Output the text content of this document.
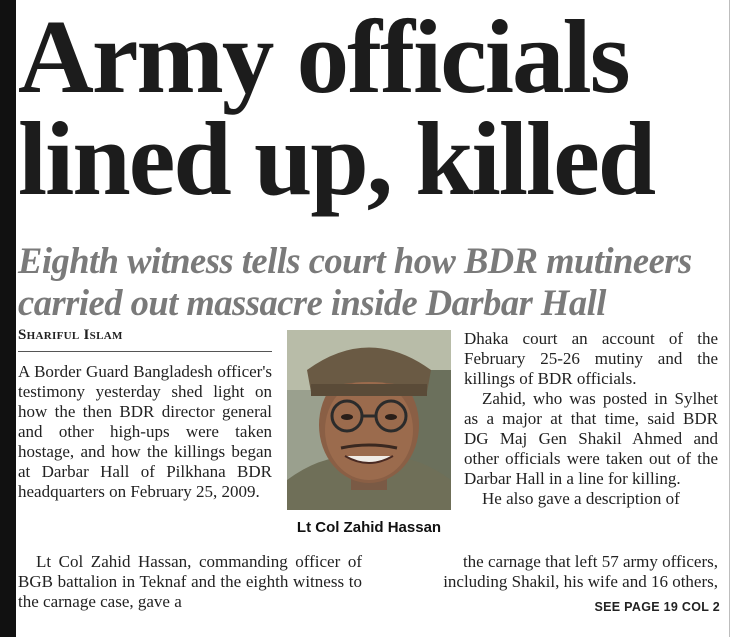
Army officials
lined up, killed
Eighth witness tells court how BDR mutineers
carried out massacre inside Darbar Hall
Shariful Islam

A Border Guard Bangladesh officer's testimony yesterday shed light on how the then BDR director general and other high-ups were taken hostage, and how the killings began at Darbar Hall of Pilkhana BDR headquarters on February 25, 2009.

Lt Col Zahid Hassan

Dhaka court an account of the February 25-26 mutiny and the killings of BDR officials.

Zahid, who was posted in Sylhet as a major at that time, said BDR DG Maj Gen Shakil Ahmed and other officials were taken out of the Darbar Hall in a line for killing.

He also gave a description of

Lt Col Zahid Hassan, commanding officer of BGB battalion in Teknaf and the eighth witness to the carnage case, gave a
the carnage that left 57 army officers,
including Shakil, his wife and 16 others,
SEE PAGE 19 COL 2
